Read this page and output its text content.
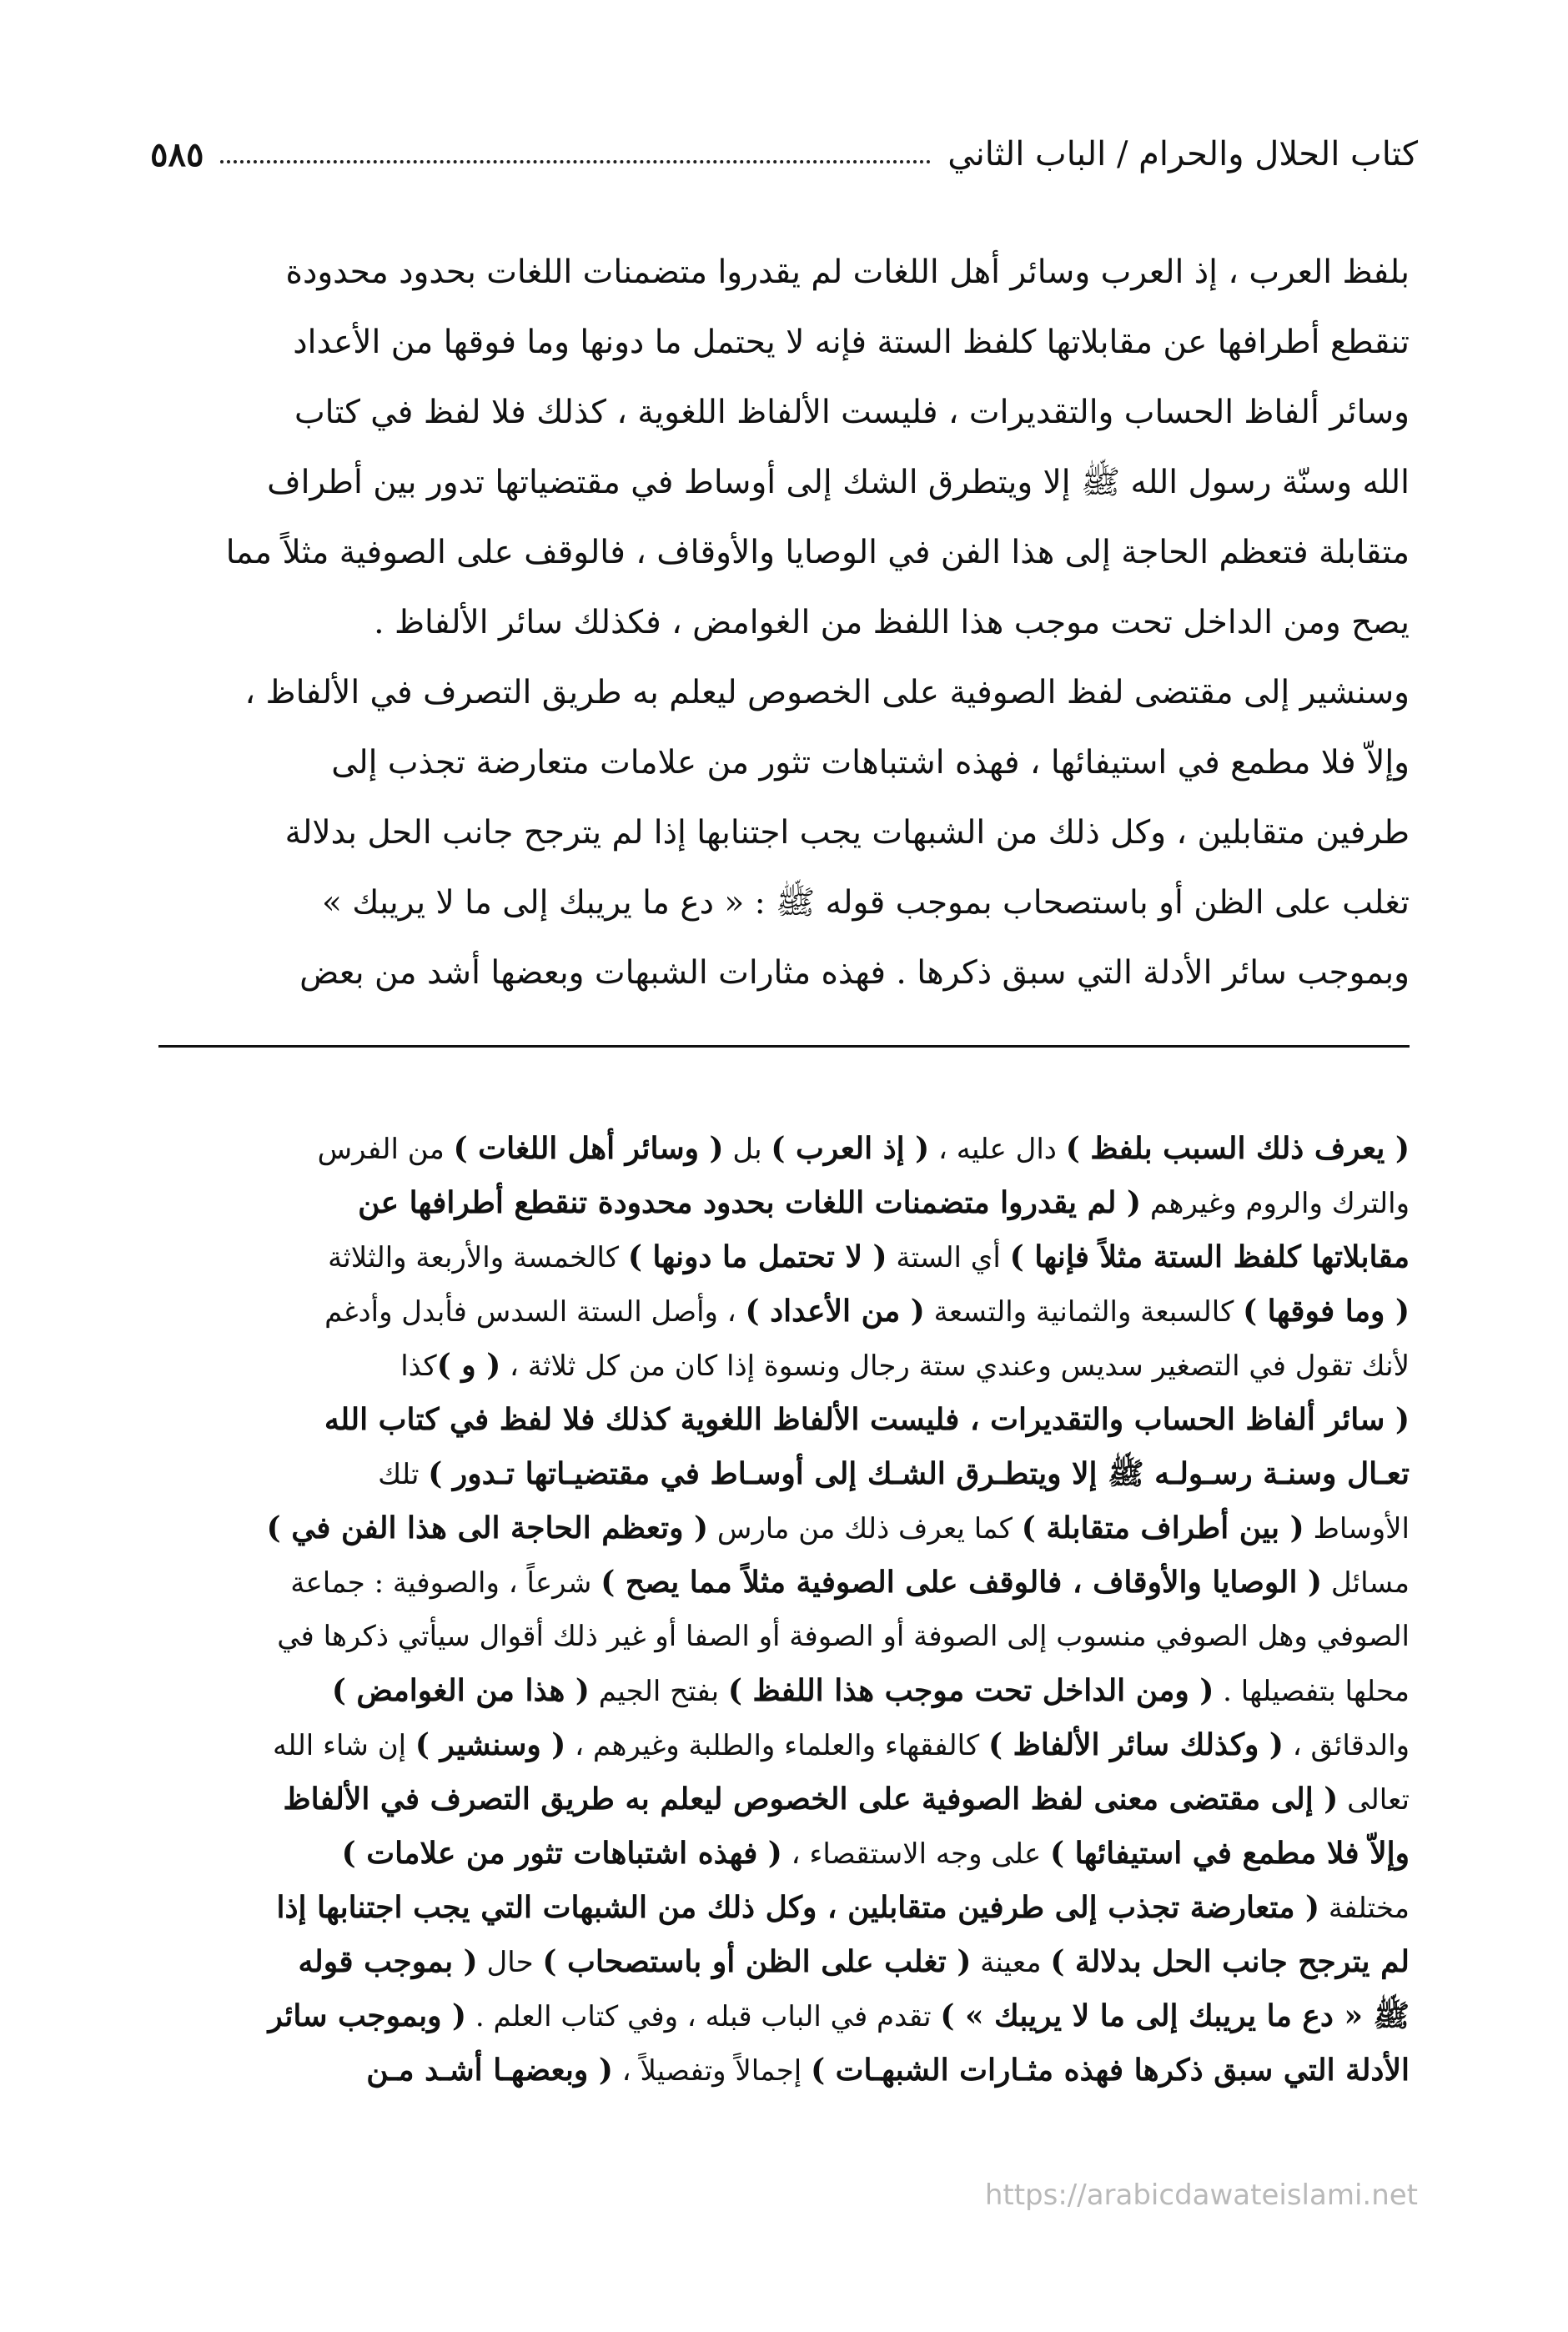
كتاب الحلال والحرام / الباب الثاني
٥٨٥
بلفظ العرب ، إذ العرب وسائر أهل اللغات لم يقدروا متضمنات اللغات بحدود محدودة
تنقطع أطرافها عن مقابلاتها كلفظ الستة فإنه لا يحتمل ما دونها وما فوقها من الأعداد
وسائر ألفاظ الحساب والتقديرات ، فليست الألفاظ اللغوية ، كذلك فلا لفظ في كتاب
الله وسنّة رسول الله ﷺ إلا ويتطرق الشك إلى أوساط في مقتضياتها تدور بين أطراف
متقابلة فتعظم الحاجة إلى هذا الفن في الوصايا والأوقاف ، فالوقف على الصوفية مثلاً مما
يصح ومن الداخل تحت موجب هذا اللفظ من الغوامض ، فكذلك سائر الألفاظ .
وسنشير إلى مقتضى لفظ الصوفية على الخصوص ليعلم به طريق التصرف في الألفاظ ،
وإلاّ فلا مطمع في استيفائها ، فهذه اشتباهات تثور من علامات متعارضة تجذب إلى
طرفين متقابلين ، وكل ذلك من الشبهات يجب اجتنابها إذا لم يترجح جانب الحل بدلالة
تغلب على الظن أو باستصحاب بموجب قوله ﷺ : « دع ما يريبك إلى ما لا يريبك »
وبموجب سائر الأدلة التي سبق ذكرها . فهذه مثارات الشبهات وبعضها أشد من بعض
( يعرف ذلك السبب بلفظ ) دال عليه ، ( إذ العرب ) بل ( وسائر أهل اللغات ) من الفرس
والترك والروم وغيرهم ( لم يقدروا متضمنات اللغات بحدود محدودة تنقطع أطرافها عن
مقابلاتها كلفظ الستة مثلاً فإنها ) أي الستة ( لا تحتمل ما دونها ) كالخمسة والأربعة والثلاثة
( وما فوقها ) كالسبعة والثمانية والتسعة ( من الأعداد ) ، وأصل الستة السدس فأبدل وأدغم
لأنك تقول في التصغير سديس وعندي ستة رجال ونسوة إذا كان من كل ثلاثة ، ( و )كذا
( سائر ألفاظ الحساب والتقديرات ، فليست الألفاظ اللغوية كذلك فلا لفظ في كتاب الله
تعـال وسنـة رسـولـه ﷺ إلا ويتطـرق الشـك إلى أوسـاط في مقتضيـاتها تـدور ) تلك
الأوساط ( بين أطراف متقابلة ) كما يعرف ذلك من مارس ( وتعظم الحاجة الى هذا الفن في )
مسائل ( الوصايا والأوقاف ، فالوقف على الصوفية مثلاً مما يصح ) شرعاً ، والصوفية : جماعة
الصوفي وهل الصوفي منسوب إلى الصوفة أو الصوفة أو الصفا أو غير ذلك أقوال سيأتي ذكرها في
محلها بتفصيلها . ( ومن الداخل تحت موجب هذا اللفظ ) بفتح الجيم ( هذا من الغوامض )
والدقائق ، ( وكذلك سائر الألفاظ ) كالفقهاء والعلماء والطلبة وغيرهم ، ( وسنشير ) إن شاء الله
تعالى ( إلى مقتضى معنى لفظ الصوفية على الخصوص ليعلم به طريق التصرف في الألفاظ
وإلاّ فلا مطمع في استيفائها ) على وجه الاستقصاء ، ( فهذه اشتباهات تثور من علامات )
مختلفة ( متعارضة تجذب إلى طرفين متقابلين ، وكل ذلك من الشبهات التي يجب اجتنابها إذا
لم يترجح جانب الحل بدلالة ) معينة ( تغلب على الظن أو باستصحاب ) حال ( بموجب قوله
ﷺ « دع ما يريبك إلى ما لا يريبك » ) تقدم في الباب قبله ، وفي كتاب العلم . ( وبموجب سائر
الأدلة التي سبق ذكرها فهذه مثـارات الشبهـات ) إجمالاً وتفصيلاً ، ( وبعضهـا أشـد مـن
https://arabicdawateislami.net
